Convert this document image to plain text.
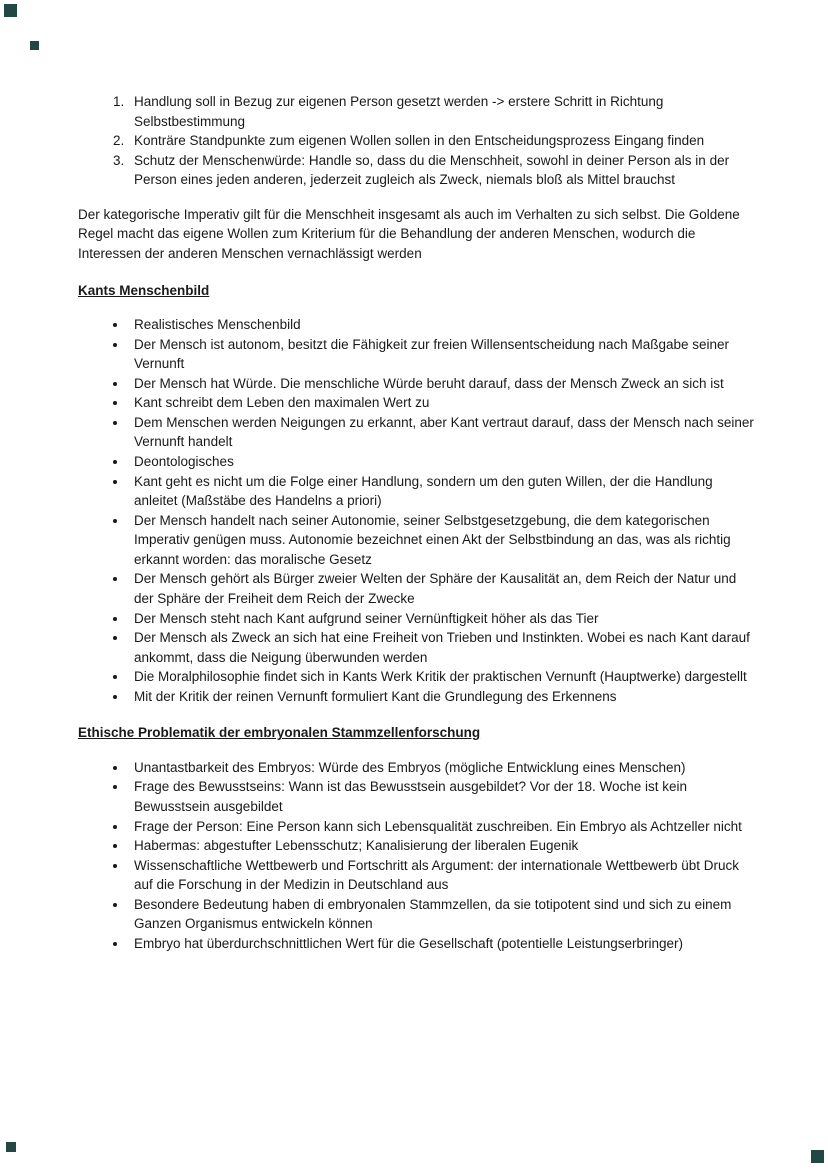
1. Handlung soll in Bezug zur eigenen Person gesetzt werden -> erstere Schritt in Richtung Selbstbestimmung
2. Konträre Standpunkte zum eigenen Wollen sollen in den Entscheidungsprozess Eingang finden
3. Schutz der Menschenwürde: Handle so, dass du die Menschheit, sowohl in deiner Person als in der Person eines jeden anderen, jederzeit zugleich als Zweck, niemals bloß als Mittel brauchst

Der kategorische Imperativ gilt für die Menschheit insgesamt als auch im Verhalten zu sich selbst. Die Goldene Regel macht das eigene Wollen zum Kriterium für die Behandlung der anderen Menschen, wodurch die Interessen der anderen Menschen vernachlässigt werden

Kants Menschenbild
• Realistisches Menschenbild
• Der Mensch ist autonom, besitzt die Fähigkeit zur freien Willensentscheidung nach Maßgabe seiner Vernunft
• Der Mensch hat Würde. Die menschliche Würde beruht darauf, dass der Mensch Zweck an sich ist
• Kant schreibt dem Leben den maximalen Wert zu
• Dem Menschen werden Neigungen zu erkannt, aber Kant vertraut darauf, dass der Mensch nach seiner Vernunft handelt
• Deontologisches
• Kant geht es nicht um die Folge einer Handlung, sondern um den guten Willen, der die Handlung anleitet (Maßstäbe des Handelns a priori)
• Der Mensch handelt nach seiner Autonomie, seiner Selbstgesetzgebung, die dem kategorischen Imperativ genügen muss. Autonomie bezeichnet einen Akt der Selbstbindung an das, was als richtig erkannt worden: das moralische Gesetz
• Der Mensch gehört als Bürger zweier Welten der Sphäre der Kausalität an, dem Reich der Natur und der Sphäre der Freiheit dem Reich der Zwecke
• Der Mensch steht nach Kant aufgrund seiner Vernünftigkeit höher als das Tier
• Der Mensch als Zweck an sich hat eine Freiheit von Trieben und Instinkten. Wobei es nach Kant darauf ankommt, dass die Neigung überwunden werden
• Die Moralphilosophie findet sich in Kants Werk Kritik der praktischen Vernunft (Hauptwerke) dargestellt
• Mit der Kritik der reinen Vernunft formuliert Kant die Grundlegung des Erkennens
Ethische Problematik der embryonalen Stammzellenforschung
• Unantastbarkeit des Embryos: Würde des Embryos (mögliche Entwicklung eines Menschen)
• Frage des Bewusstseins: Wann ist das Bewusstsein ausgebildet? Vor der 18. Woche ist kein Bewusstsein ausgebildet
• Frage der Person: Eine Person kann sich Lebensqualität zuschreiben. Ein Embryo als Achtzeller nicht
• Habermas: abgestufter Lebensschutz; Kanalisierung der liberalen Eugenik
• Wissenschaftliche Wettbewerb und Fortschritt als Argument: der internationale Wettbewerb übt Druck auf die Forschung in der Medizin in Deutschland aus
• Besondere Bedeutung haben di embryonalen Stammzellen, da sie totipotent sind und sich zu einem Ganzen Organismus entwickeln können
• Embryo hat überdurchschnittlichen Wert für die Gesellschaft (potentielle Leistungserbringer)
